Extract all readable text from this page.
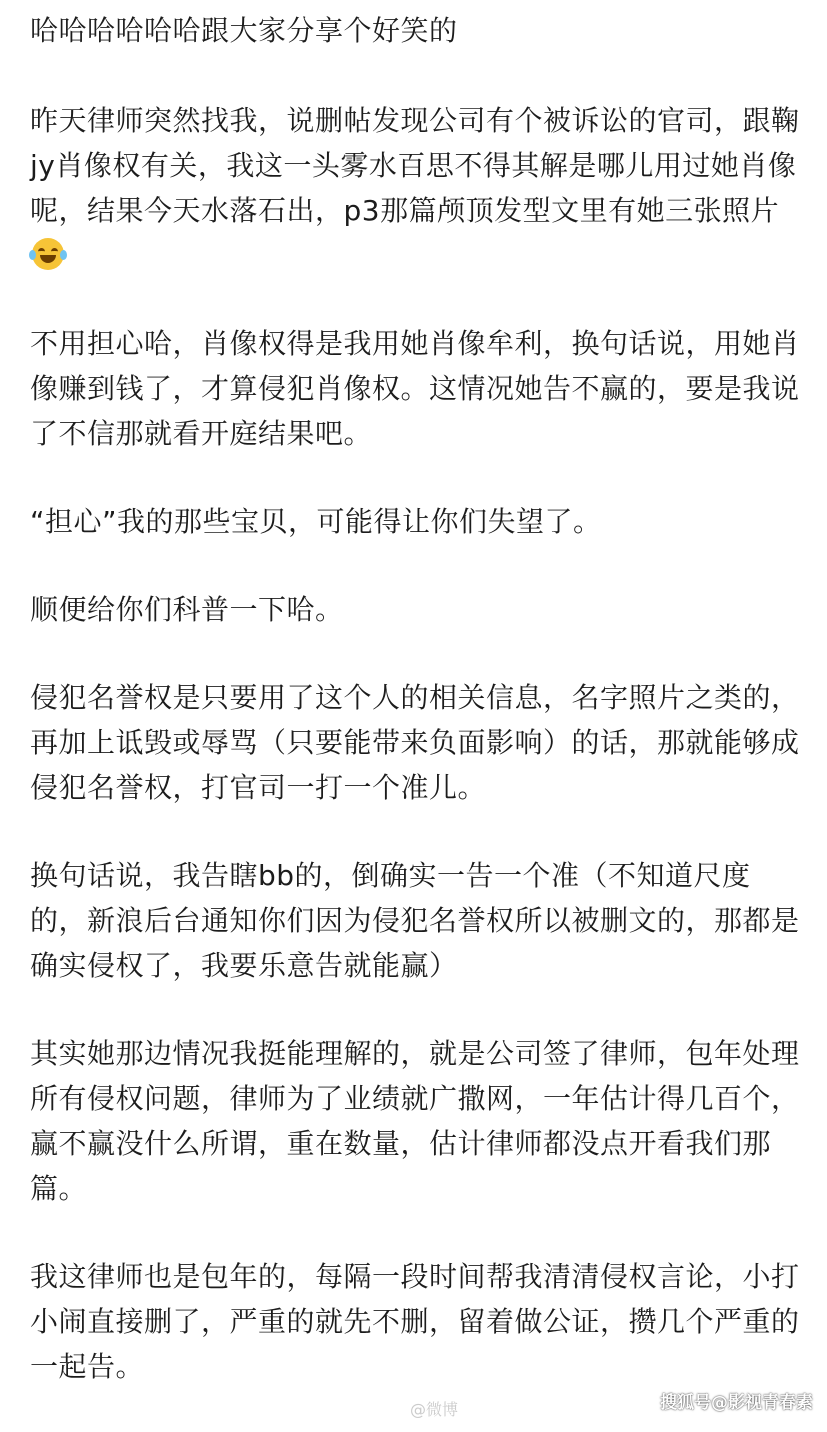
哈哈哈哈哈哈跟大家分享个好笑的

昨天律师突然找我，说删帖发现公司有个被诉讼的官司，跟鞠jy肖像权有关，我这一头雾水百思不得其解是哪儿用过她肖像呢，结果今天水落石出，p3那篇颅顶发型文里有她三张照片

不用担心哈，肖像权得是我用她肖像牟利，换句话说，用她肖像赚到钱了，才算侵犯肖像权。这情况她告不赢的，要是我说了不信那就看开庭结果吧。

“担心”我的那些宝贝，可能得让你们失望了。

顺便给你们科普一下哈。

侵犯名誉权是只要用了这个人的相关信息，名字照片之类的，再加上诋毁或辱骂（只要能带来负面影响）的话，那就能够成侵犯名誉权，打官司一打一个准儿。

换句话说，我告瞎bb的，倒确实一告一个准（不知道尺度的，新浪后台通知你们因为侵犯名誉权所以被删文的，那都是确实侵权了，我要乐意告就能赢）

其实她那边情况我挺能理解的，就是公司签了律师，包年处理所有侵权问题，律师为了业绩就广撒网，一年估计得几百个，赢不赢没什么所谓，重在数量，估计律师都没点开看我们那篇。

我这律师也是包年的，每隔一段时间帮我清清侵权言论，小打小闹直接删了，严重的就先不删，留着做公证，攒几个严重的一起告。

@微博	搜狐号@影视青春素
